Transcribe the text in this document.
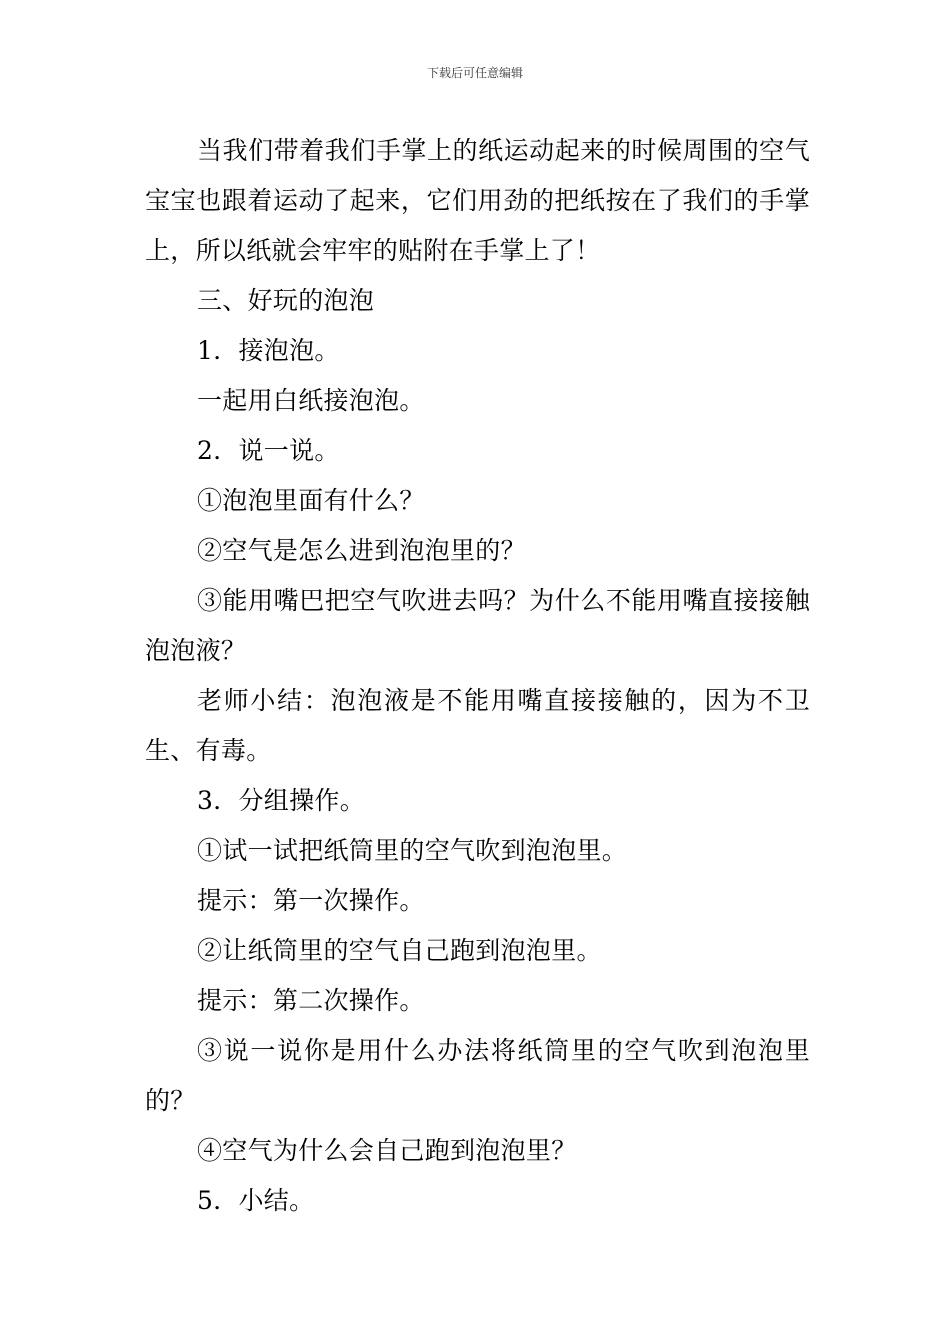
下载后可任意编辑

当我们带着我们手掌上的纸运动起来的时候周围的空气宝宝也跟着运动了起来，它们用劲的把纸按在了我们的手掌上，所以纸就会牢牢的贴附在手掌上了！

三、好玩的泡泡

1．接泡泡。

一起用白纸接泡泡。

2．说一说。

①泡泡里面有什么？

②空气是怎么进到泡泡里的？

③能用嘴巴把空气吹进去吗？为什么不能用嘴直接接触泡泡液？

老师小结：泡泡液是不能用嘴直接接触的，因为不卫生、有毒。

3．分组操作。

①试一试把纸筒里的空气吹到泡泡里。

提示：第一次操作。

②让纸筒里的空气自己跑到泡泡里。

提示：第二次操作。

③说一说你是用什么办法将纸筒里的空气吹到泡泡里的？

④空气为什么会自己跑到泡泡里？

5．小结。
